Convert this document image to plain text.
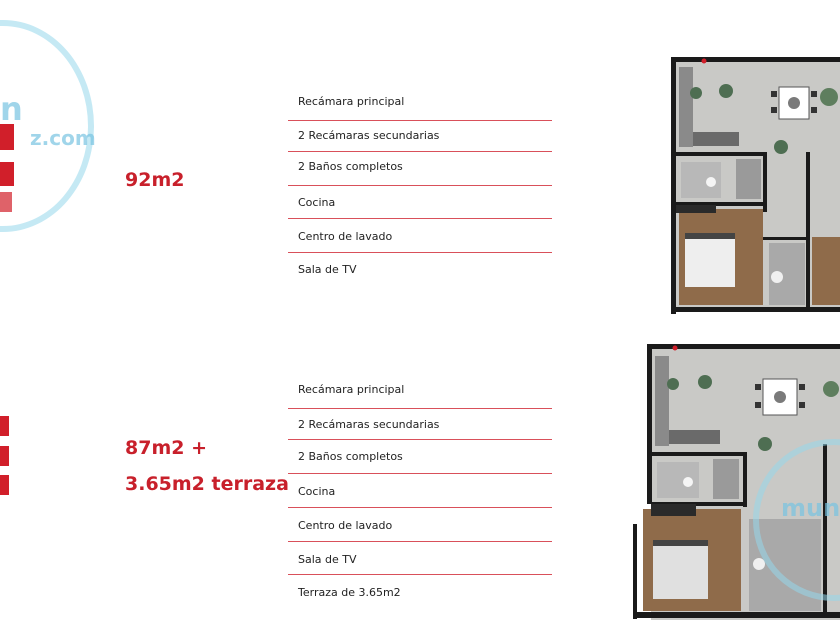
n
z.com
92m2
Recámara principal
2 Recámaras secundarias
2 Baños completos
Cocina
Centro de lavado
Sala de TV
87m2 +
3.65m2 terraza
Recámara principal
2 Recámaras secundarias
2 Baños completos
Cocina
Centro de lavado
Sala de TV
Terraza de 3.65m2
mun
